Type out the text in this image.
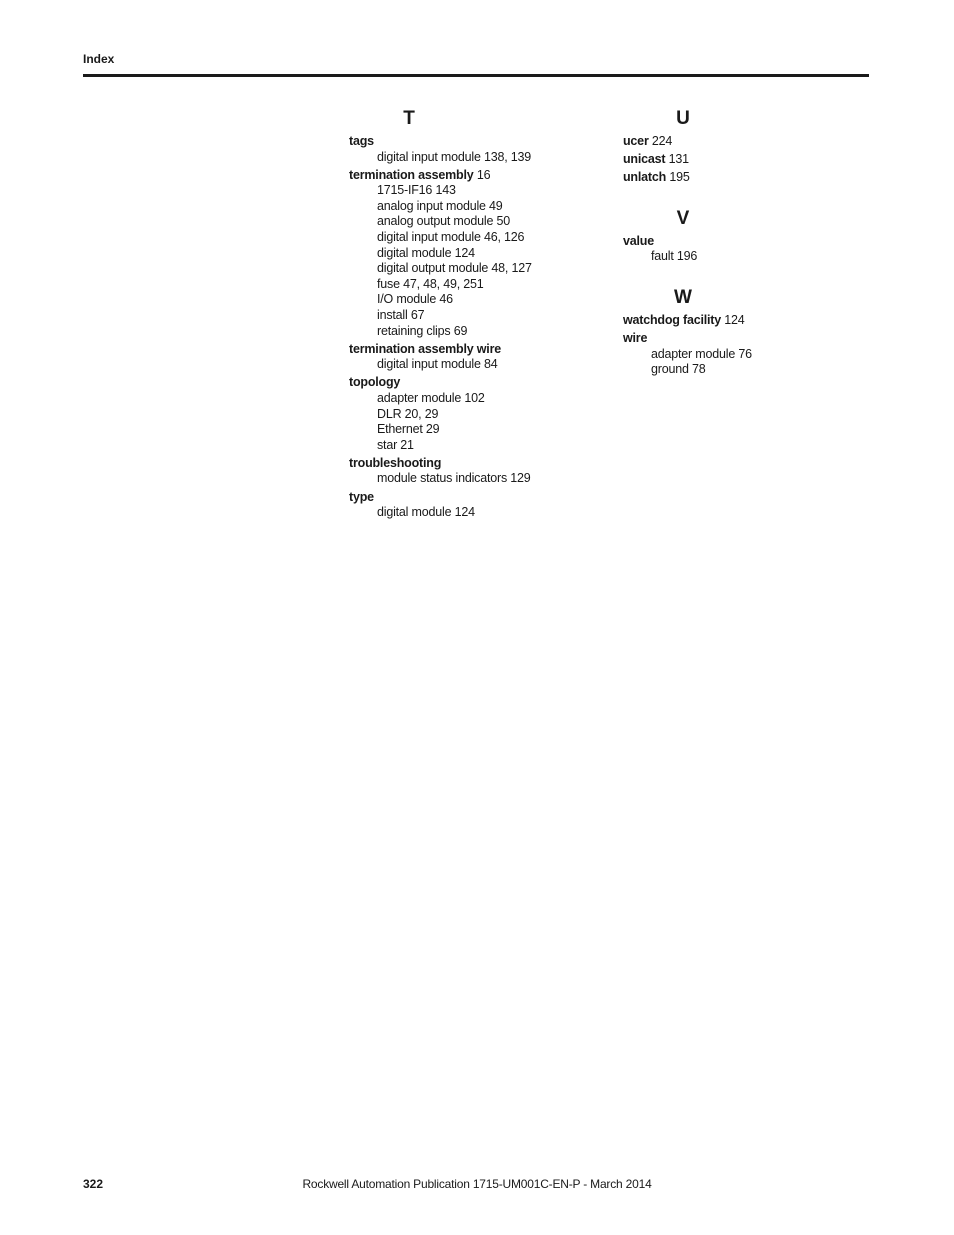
Index
T
tags
digital input module 138, 139
termination assembly 16
1715-IF16 143
analog input module 49
analog output module 50
digital input module 46, 126
digital module 124
digital output module 48, 127
fuse 47, 48, 49, 251
I/O module 46
install 67
retaining clips 69
termination assembly wire
digital input module 84
topology
adapter module 102
DLR 20, 29
Ethernet 29
star 21
troubleshooting
module status indicators 129
type
digital module 124
U
ucer 224
unicast 131
unlatch 195
V
value
fault 196
W
watchdog facility 124
wire
adapter module 76
ground 78
322	Rockwell Automation Publication 1715-UM001C-EN-P - March 2014
